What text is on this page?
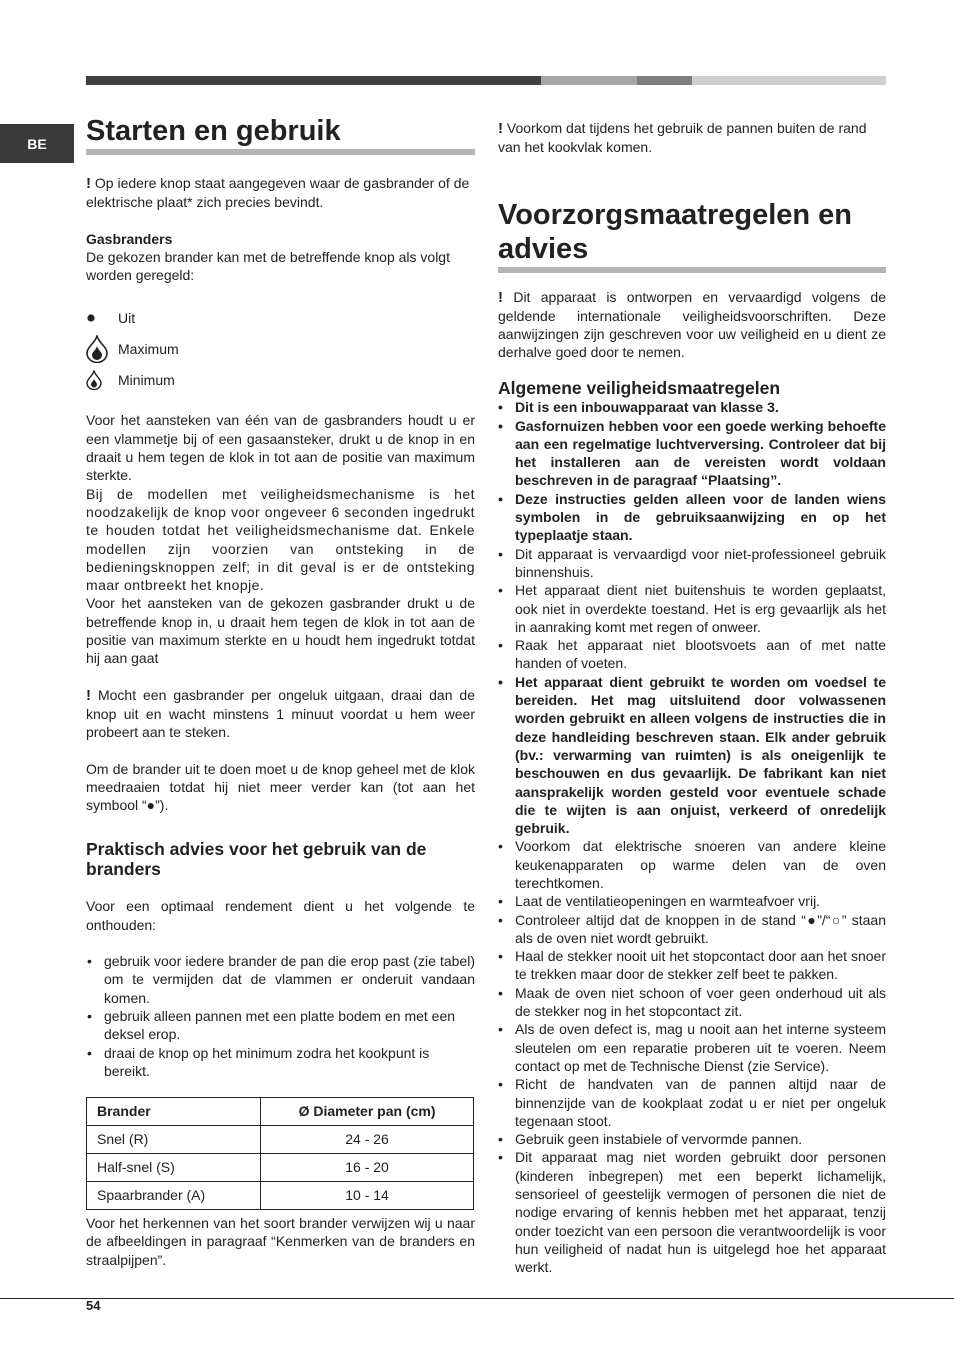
BE	Starten en gebruik

! Op iedere knop staat aangegeven waar de gasbrander of de elektrische plaat* zich precies bevindt.

Gasbranders

De gekozen brander kan met de betreffende knop als volgt worden geregeld:

Uit
Maximum
Minimum

Voor het aansteken van één van de gasbranders houdt u er een vlammetje bij of een gasaansteker, drukt u de knop in en draait u hem tegen de klok in tot aan de positie van maximum sterkte.

Bij de modellen met veiligheidsmechanisme is het noodzakelijk de knop voor ongeveer 6 seconden ingedrukt te houden totdat het veiligheidsmechanisme dat. Enkele modellen zijn voorzien van ontsteking in de bedieningsknoppen zelf; in dit geval is er de ontsteking maar ontbreekt het knopje.

Voor het aansteken van de gekozen gasbrander drukt u de betreffende knop in, u draait hem tegen de klok in tot aan de positie van maximum sterkte en u houdt hem ingedrukt totdat hij aan gaat

! Mocht een gasbrander per ongeluk uitgaan, draai dan de knop uit en wacht minstens 1 minuut voordat u hem weer probeert aan te steken.

Om de brander uit te doen moet u de knop geheel met de klok meedraaien totdat hij niet meer verder kan (tot aan het symbool “●”).

Praktisch advies voor het gebruik van de branders

Voor een optimaal rendement dient u het volgende te onthouden:

• gebruik voor iedere brander de pan die erop past (zie tabel) om te vermijden dat de vlammen er onderuit vandaan komen.
• gebruik alleen pannen met een platte bodem en met een deksel erop.
• draai de knop op het minimum zodra het kookpunt is bereikt.
Brander	Ø Diameter pan (cm)
Snel (R)	24 - 26
Half-snel (S)	16 - 20
Spaarbrander (A)	10 - 14

Voor het herkennen van het soort brander verwijzen wij u naar de afbeeldingen in paragraaf “Kenmerken van de branders en straalpijpen”.

! Voorkom dat tijdens het gebruik de pannen buiten de rand van het kookvlak komen.

Voorzorgsmaatregelen en advies

! Dit apparaat is ontworpen en vervaardigd volgens de geldende internationale veiligheidsvoorschriften. Deze aanwijzingen zijn geschreven voor uw veiligheid en u dient ze derhalve goed door te nemen.

Algemene veiligheidsmaatregelen
• Dit is een inbouwapparaat van klasse 3.
• Gasfornuizen hebben voor een goede werking behoefte aan een regelmatige luchtverversing. Controleer dat bij het installeren aan de vereisten wordt voldaan beschreven in de paragraaf “Plaatsing”.
• Deze instructies gelden alleen voor de landen wiens symbolen in de gebruiksaanwijzing en op het typeplaatje staan.
• Dit apparaat is vervaardigd voor niet-professioneel gebruik binnenshuis.
• Het apparaat dient niet buitenshuis te worden geplaatst, ook niet in overdekte toestand. Het is erg gevaarlijk als het in aanraking komt met regen of onweer.
• Raak het apparaat niet blootsvoets aan of met natte handen of voeten.
• Het apparaat dient gebruikt te worden om voedsel te bereiden. Het mag uitsluitend door volwassenen worden gebruikt en alleen volgens de instructies die in deze handleiding beschreven staan. Elk ander gebruik (bv.: verwarming van ruimten) is als oneigenlijk te beschouwen en dus gevaarlijk. De fabrikant kan niet aansprakelijk worden gesteld voor eventuele schade die te wijten is aan onjuist, verkeerd of onredelijk gebruik.
• Voorkom dat elektrische snoeren van andere kleine keukenapparaten op warme delen van de oven terechtkomen.
• Laat de ventilatieopeningen en warmteafvoer vrij.
• Controleer altijd dat de knoppen in de stand “●”/“○” staan als de oven niet wordt gebruikt.
• Haal de stekker nooit uit het stopcontact door aan het snoer te trekken maar door de stekker zelf beet te pakken.
• Maak de oven niet schoon of voer geen onderhoud uit als de stekker nog in het stopcontact zit.
• Als de oven defect is, mag u nooit aan het interne systeem sleutelen om een reparatie proberen uit te voeren. Neem contact op met de Technische Dienst (zie Service).
• Richt de handvaten van de pannen altijd naar de binnenzijde van de kookplaat zodat u er niet per ongeluk tegenaan stoot.
• Gebruik geen instabiele of vervormde pannen.
• Dit apparaat mag niet worden gebruikt door personen (kinderen inbegrepen) met een beperkt lichamelijk, sensorieel of geestelijk vermogen of personen die niet de nodige ervaring of kennis hebben met het apparaat, tenzij onder toezicht van een persoon die verantwoordelijk is voor hun veiligheid of nadat hun is uitgelegd hoe het apparaat werkt.
54
